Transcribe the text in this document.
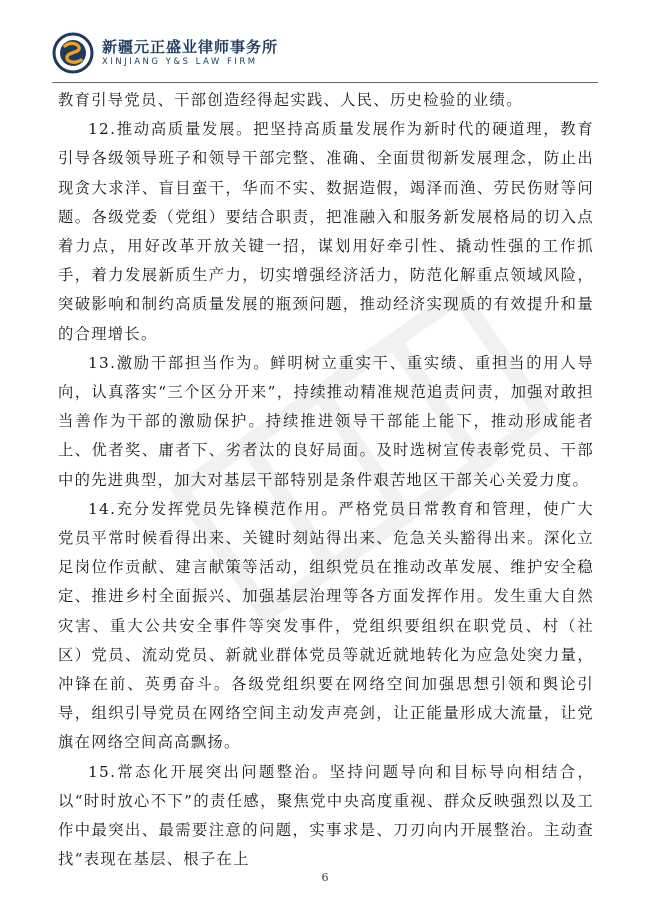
新疆元正盛业律师事务所
XINJIANG Y&S LAW FIRM

教育引导党员、干部创造经得起实践、人民、历史检验的业绩。

12.推动高质量发展。把坚持高质量发展作为新时代的硬道理，教育引导各级领导班子和领导干部完整、准确、全面贯彻新发展理念，防止出现贪大求洋、盲目蛮干，华而不实、数据造假，竭泽而渔、劳民伤财等问题。各级党委（党组）要结合职责，把准融入和服务新发展格局的切入点着力点，用好改革开放关键一招，谋划用好牵引性、撬动性强的工作抓手，着力发展新质生产力，切实增强经济活力，防范化解重点领域风险，突破影响和制约高质量发展的瓶颈问题，推动经济实现质的有效提升和量的合理增长。

13.激励干部担当作为。鲜明树立重实干、重实绩、重担当的用人导向，认真落实“三个区分开来”，持续推动精准规范追责问责，加强对敢担当善作为干部的激励保护。持续推进领导干部能上能下，推动形成能者上、优者奖、庸者下、劣者汰的良好局面。及时选树宣传表彰党员、干部中的先进典型，加大对基层干部特别是条件艰苦地区干部关心关爱力度。

14.充分发挥党员先锋模范作用。严格党员日常教育和管理，使广大党员平常时候看得出来、关键时刻站得出来、危急关头豁得出来。深化立足岗位作贡献、建言献策等活动，组织党员在推动改革发展、维护安全稳定、推进乡村全面振兴、加强基层治理等各方面发挥作用。发生重大自然灾害、重大公共安全事件等突发事件，党组织要组织在职党员、村（社区）党员、流动党员、新就业群体党员等就近就地转化为应急处突力量，冲锋在前、英勇奋斗。各级党组织要在网络空间加强思想引领和舆论引导，组织引导党员在网络空间主动发声亮剑，让正能量形成大流量，让党旗在网络空间高高飘扬。

15.常态化开展突出问题整治。坚持问题导向和目标导向相结合，以“时时放心不下”的责任感，聚焦党中央高度重视、群众反映强烈以及工作中最突出、最需要注意的问题，实事求是、刀刃向内开展整治。主动查找“表现在基层、根子在上

6
